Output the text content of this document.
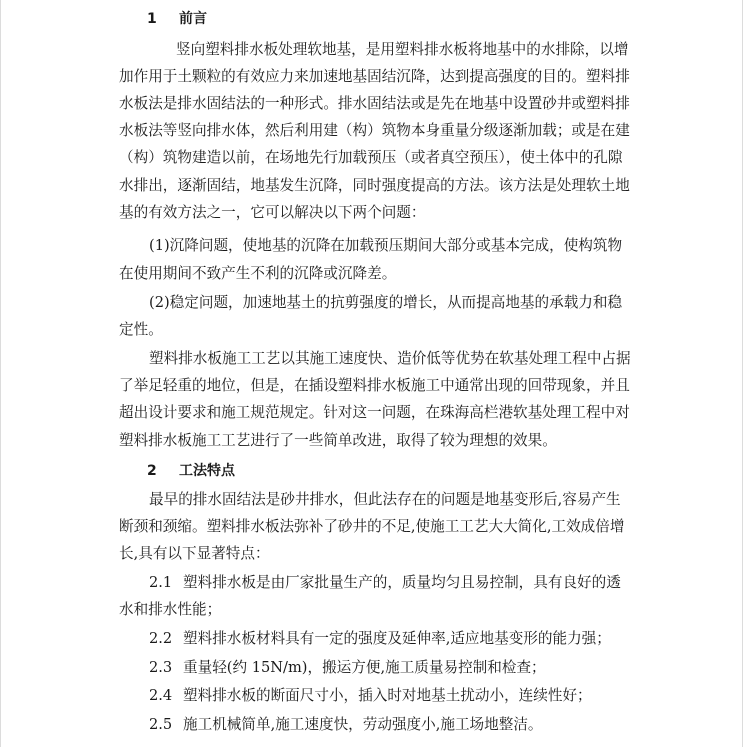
1 前言
竖向塑料排水板处理软地基，是用塑料排水板将地基中的水排除，以增
加作用于土颗粒的有效应力来加速地基固结沉降，达到提高强度的目的。塑料排
水板法是排水固结法的一种形式。排水固结法或是先在地基中设置砂井或塑料排
水板法等竖向排水体，然后利用建（构）筑物本身重量分级逐渐加载；或是在建
（构）筑物建造以前，在场地先行加载预压（或者真空预压），使土体中的孔隙
水排出，逐渐固结，地基发生沉降，同时强度提高的方法。该方法是处理软土地
基的有效方法之一，它可以解决以下两个问题：
(1)沉降问题，使地基的沉降在加载预压期间大部分或基本完成，使构筑物
在使用期间不致产生不利的沉降或沉降差。
(2)稳定问题，加速地基土的抗剪强度的增长，从而提高地基的承载力和稳
定性。
塑料排水板施工工艺以其施工速度快、造价低等优势在软基处理工程中占据
了举足轻重的地位，但是，在插设塑料排水板施工中通常出现的回带现象，并且
超出设计要求和施工规范规定。针对这一问题，在珠海高栏港软基处理工程中对
塑料排水板施工工艺进行了一些简单改进，取得了较为理想的效果。
2 工法特点
最早的排水固结法是砂井排水，但此法存在的问题是地基变形后,容易产生
断颈和颈缩。塑料排水板法弥补了砂井的不足,使施工工艺大大简化,工效成倍增
长,具有以下显著特点：
2.1 塑料排水板是由厂家批量生产的，质量均匀且易控制，具有良好的透
水和排水性能；
2.2 塑料排水板材料具有一定的强度及延伸率,适应地基变形的能力强；
2.3 重量轻(约 15N/m)，搬运方便,施工质量易控制和检查；
2.4 塑料排水板的断面尺寸小，插入时对地基土扰动小，连续性好；
2.5 施工机械简单,施工速度快，劳动强度小,施工场地整洁。
